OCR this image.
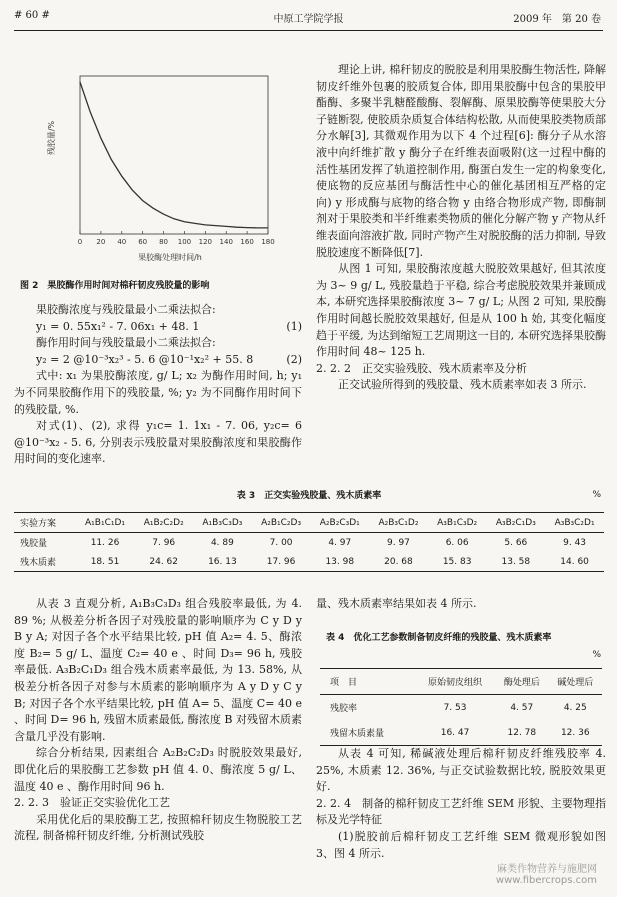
# 60 #	中原工学院学报	2009 年　第 20 卷
0 20 40 60 80 100 120 140 160 180
残胶量/%
果胶酶处理时间/h
图 2　果胶酶作用时间对棉秆韧皮残胶量的影响

果胶酶浓度与残胶量最小二乘法拟合:

y₁ = 0. 55x₁² - 7. 06x₁ + 48. 1	(1)

酶作用时间与残胶量最小二乘法拟合:

y₂ = 2 @10⁻³x₂³ - 5. 6 @10⁻¹x₂² + 55. 8	(2)

式中: x₁ 为果胶酶浓度, g/ L; x₂ 为酶作用时间, h; y₁ 为不同果胶酶作用下的残胶量, %; y₂ 为不同酶作用时间下的残胶量, %.

对式(1)、(2), 求得 y₁c= 1. 1x₁ - 7. 06, y₂c= 6 @10⁻³x₂ - 5. 6, 分别表示残胶量对果胶酶浓度和果胶酶作用时间的变化速率.

理论上讲, 棉秆韧皮的脱胶是利用果胶酶生物活性, 降解韧皮纤维外包裹的胶质复合体, 即用果胶酶中包含的果胶甲酯酶、多聚半乳糖醛酸酶、裂解酶、原果胶酶等使果胶大分子链断裂, 使胶质杂质复合体结构松散, 从而使果胶类物质部分水解[3], 其微观作用为以下 4 个过程[6]: 酶分子从水溶液中向纤维扩散 y 酶分子在纤维表面吸附(这一过程中酶的活性基团发挥了轨道控制作用, 酶蛋白发生一定的构象变化, 使底物的反应基团与酶活性中心的催化基团相互严格的定向) y 形成酶与底物的络合物 y 由络合物形成产物, 即酶制剂对于果胶类和半纤维素类物质的催化分解产物 y 产物从纤维表面向溶液扩散, 同时产物产生对脱胶酶的活力抑制, 导致脱胶速度不断降低[7].

从图 1 可知, 果胶酶浓度越大脱胶效果越好, 但其浓度为 3~ 9 g/ L, 残胶量趋于平稳, 综合考虑脱胶效果并兼顾成本, 本研究选择果胶酶浓度 3~ 7 g/ L; 从图 2 可知, 果胶酶作用时间越长脱胶效果越好, 但是从 100 h 始, 其变化幅度趋于平缓, 为达到缩短工艺周期这一目的, 本研究选择果胶酶作用时间 48~ 125 h.

2. 2. 2　正交实验残胶、残木质素率及分析

正交试验所得到的残胶量、残木质素率如表 3 所示.

表 3　正交实验残胶量、残木质素率	%
实验方案	A₁B₁C₁D₁	A₁B₂C₂D₂	A₁B₃C₃D₃	A₂B₁C₂D₃	A₂B₂C₃D₁	A₂B₃C₁D₂	A₃B₁C₃D₂	A₃B₂C₁D₃	A₃B₃C₂D₁
残胶量	11. 26	7. 96	4. 89	7. 00	4. 97	9. 97	6. 06	5. 66	9. 43
残木质素	18. 51	24. 62	16. 13	17. 96	13. 98	20. 68	15. 83	13. 58	14. 60

从表 3 直观分析, A₁B₃C₃D₃ 组合残胶率最低, 为 4. 89 %; 从极差分析各因子对残胶量的影响顺序为 C y D y B y A; 对因子各个水平结果比较, pH 值 A₂= 4. 5、酶浓度 B₂= 5 g/ L、温度 C₂= 40 e 、时间 D₃= 96 h, 残胶率最低. A₃B₂C₁D₃ 组合残木质素率最低, 为 13. 58%, 从极差分析各因子对参与木质素的影响顺序为 A y D y C y B; 对因子各个水平结果比较, pH 值 A= 5、温度 C= 40 e 、时间 D= 96 h, 残留木质素最低, 酶浓度 B 对残留木质素含量几乎没有影响.

综合分析结果, 因素组合 A₂B₂C₂D₃ 时脱胶效果最好, 即优化后的果胶酶工艺参数 pH 值 4. 0、酶浓度 5 g/ L、温度 40 e 、酶作用时间 96 h.

2. 2. 3　验证正交实验优化工艺

采用优化后的果胶酶工艺, 按照棉秆韧皮生物脱胶工艺流程, 制备棉秆韧皮纤维, 分析测试残胶

量、残木质素率结果如表 4 所示.

表 4　优化工艺参数制备韧皮纤维的残胶量、残木质素率
%
项　目	原始韧皮组织	酶处理后	碱处理后
残胶率	7. 53	4. 57	4. 25
残留木质素量	16. 47	12. 78	12. 36

从表 4 可知, 稀碱液处理后棉秆韧皮纤维残胶率 4. 25%, 木质素 12. 36%, 与正交试验数据比较, 脱胶效果更好.

2. 2. 4　制备的棉秆韧皮工艺纤维 SEM 形貌、主要物理指标及光学特征

(1)脱胶前后棉秆韧皮工艺纤维 SEM 微观形貌如图 3、图 4 所示.

麻类作物营养与施肥网
www.fibercrops.com
